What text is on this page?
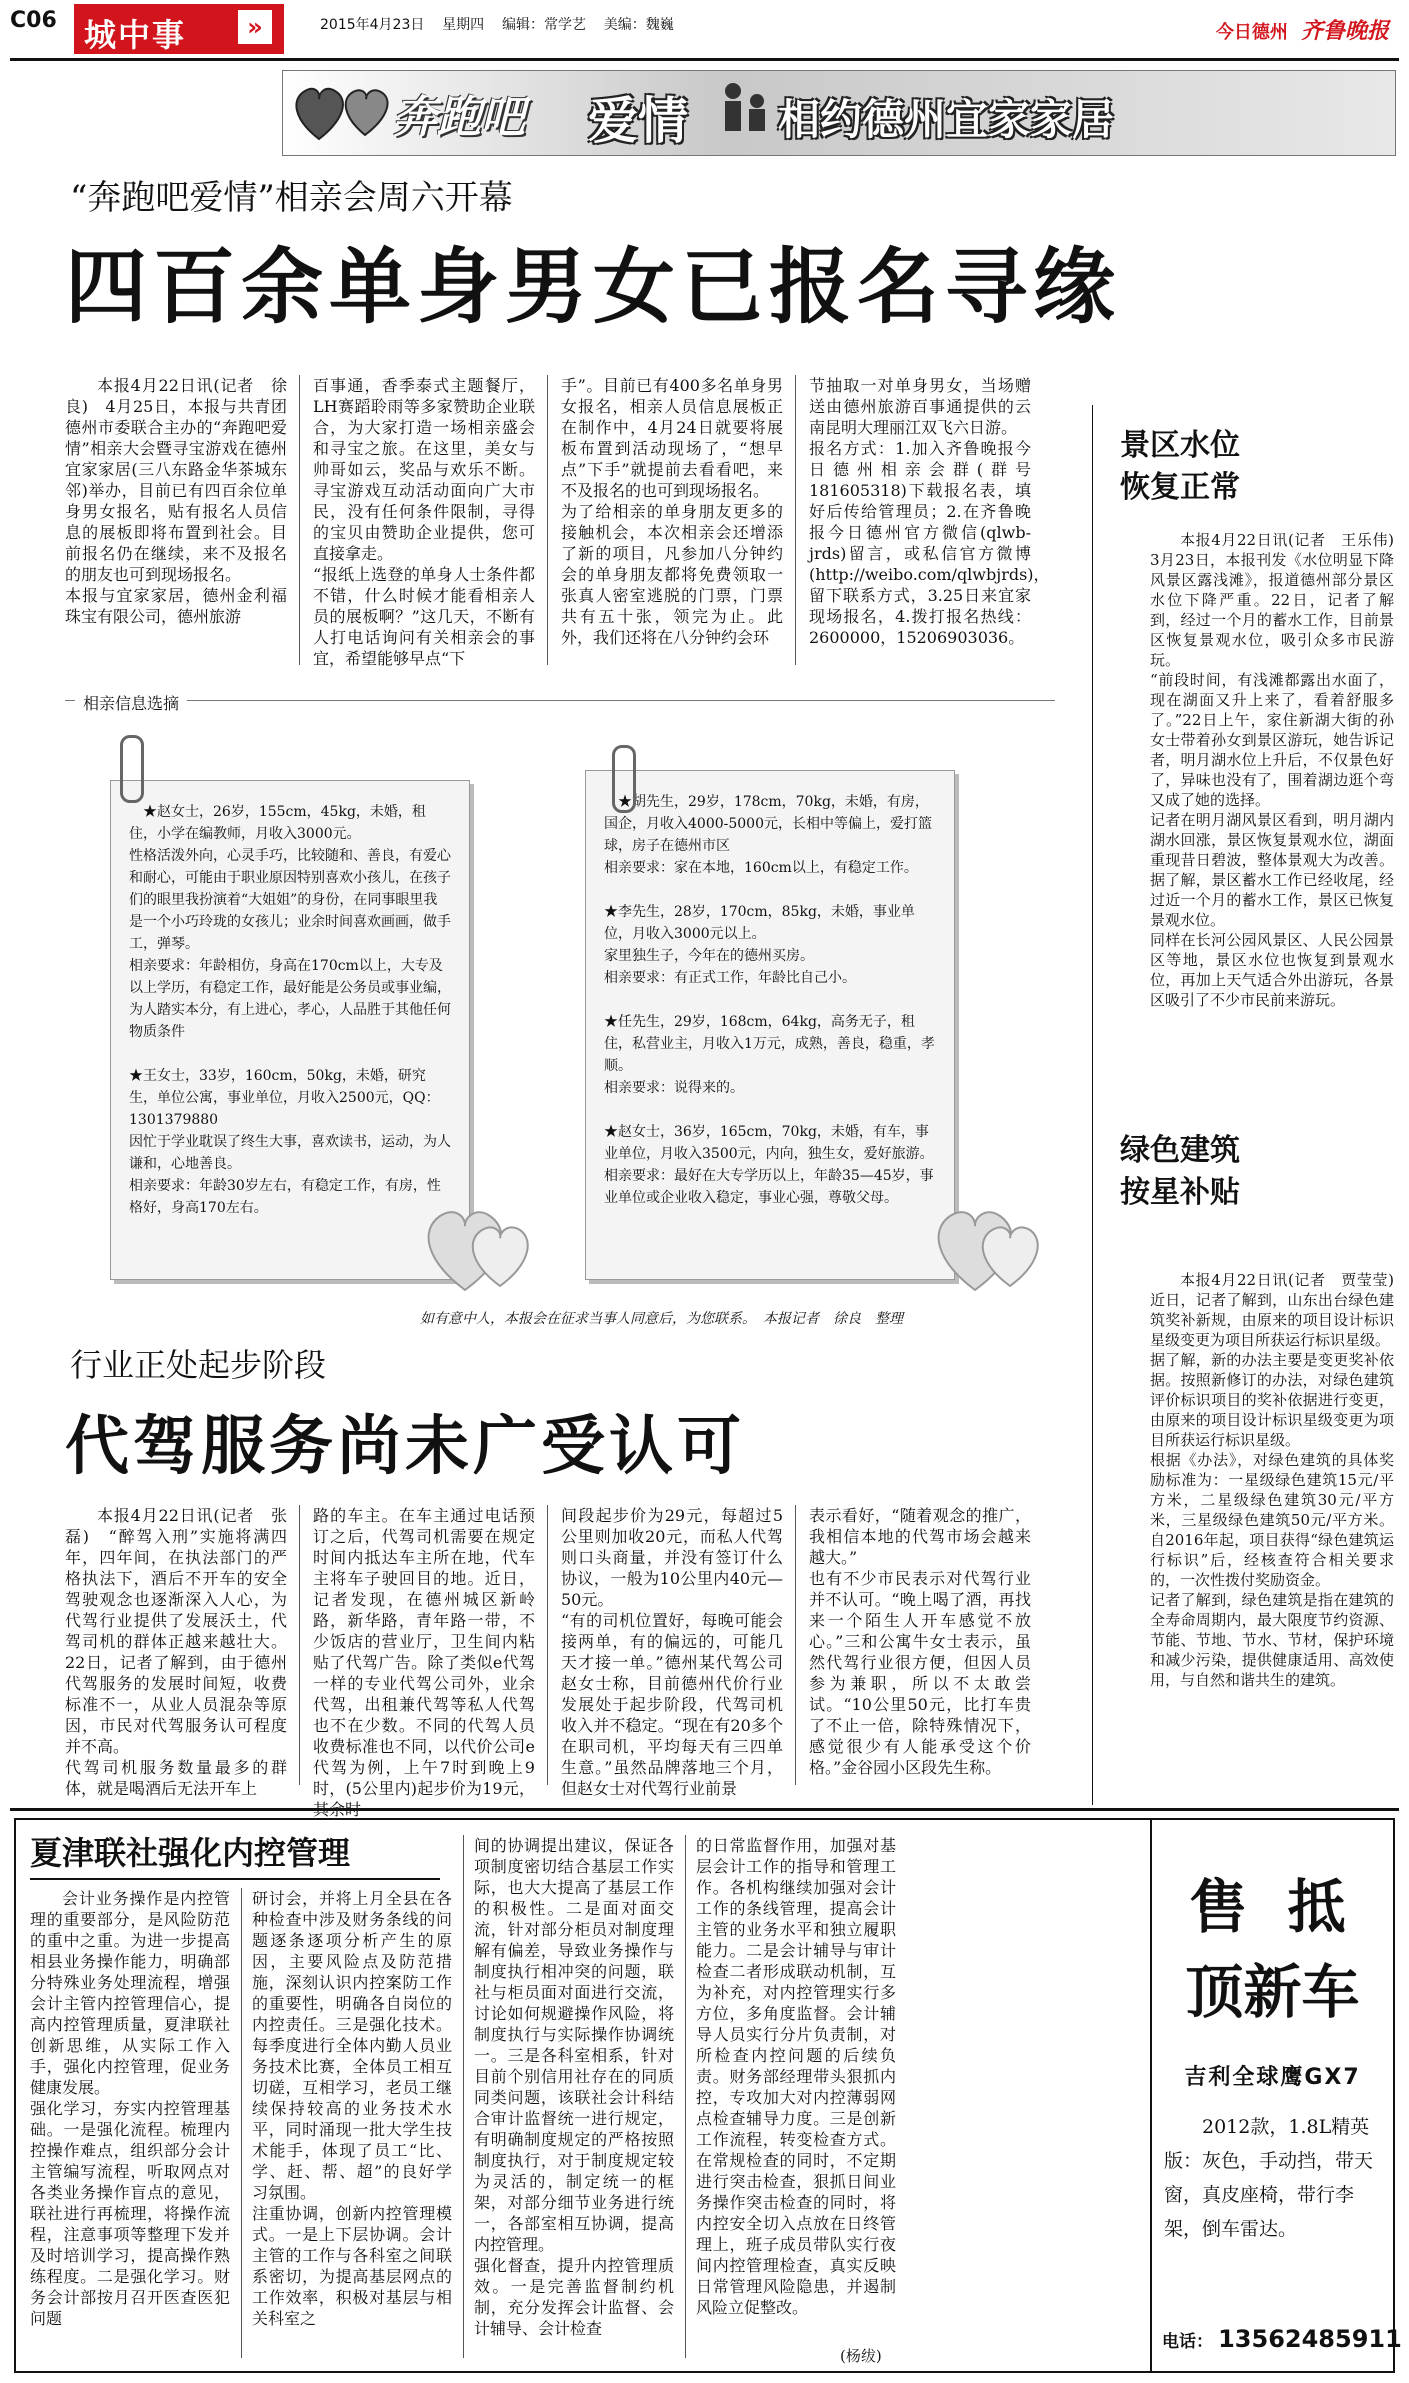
C06 城中事	»	2015年4月23日 星期四 编辑：常学艺 美编：魏巍	今日德州 齐鲁晚报
奔跑吧 爱情 相约德州宜家家居
“奔跑吧爱情”相亲会周六开幕
四百余单身男女已报名寻缘
本报4月22日讯(记者　徐良)　4月25日，本报与共青团德州市委联合主办的“奔跑吧爱情”相亲大会暨寻宝游戏在德州宜家家居(三八东路金华茶城东邻)举办，目前已有四百余位单身男女报名，贴有报名人员信息的展板即将布置到社会。目前报名仍在继续，来不及报名的朋友也可到现场报名。
本报与宜家家居，德州金利福珠宝有限公司，德州旅游
百事通，香季泰式主题餐厅，LH赛蹈聆雨等多家赞助企业联合，为大家打造一场相亲盛会和寻宝之旅。在这里，美女与帅哥如云，奖品与欢乐不断。寻宝游戏互动活动面向广大市民，没有任何条件限制，寻得的宝贝由赞助企业提供，您可直接拿走。
“报纸上选登的单身人士条件都不错，什么时候才能看相亲人员的展板啊？”这几天，不断有人打电话询问有关相亲会的事宜，希望能够早点“下
手”。目前已有400多名单身男女报名，相亲人员信息展板正在制作中，4月24日就要将展板布置到活动现场了，“想早点”下手”就提前去看看吧，来不及报名的也可到现场报名。
为了给相亲的单身朋友更多的接触机会，本次相亲会还增添了新的项目，凡参加八分钟约会的单身朋友都将免费领取一张真人密室逃脱的门票，门票共有五十张，领完为止。此外，我们还将在八分钟约会环
节抽取一对单身男女，当场赠送由德州旅游百事通提供的云南昆明大理丽江双飞六日游。
报名方式：1.加入齐鲁晚报今日德州相亲会群(群号181605318)下载报名表，填好后传给管理员；2.在齐鲁晚报今日德州官方微信(qlwb-jrds)留言，或私信官方微博(http://weibo.com/qlwbjrds)，留下联系方式，3.25日来宜家现场报名，4.拨打报名热线：2600000，15206903036。
相亲信息选摘
★赵女士，26岁，155cm，45kg，未婚，租住，小学在编教师，月收入3000元。
性格活泼外向，心灵手巧，比较随和、善良，有爱心和耐心，可能由于职业原因特别喜欢小孩儿，在孩子们的眼里我扮演着“大姐姐”的身份，在同事眼里我是一个小巧玲珑的女孩儿；业余时间喜欢画画，做手工，弹琴。
相亲要求：年龄相仿，身高在170cm以上，大专及以上学历，有稳定工作，最好能是公务员或事业编，为人踏实本分，有上进心，孝心，人品胜于其他任何物质条件

★王女士，33岁，160cm，50kg，未婚，研究生，单位公寓，事业单位，月收入2500元，QQ：1301379880
因忙于学业耽误了终生大事，喜欢读书，运动，为人谦和，心地善良。
相亲要求：年龄30岁左右，有稳定工作，有房，性格好，身高170左右。
★胡先生，29岁，178cm，70kg，未婚，有房，国企，月收入4000-5000元，长相中等偏上，爱打篮球，房子在德州市区
相亲要求：家在本地，160cm以上，有稳定工作。

★李先生，28岁，170cm，85kg，未婚，事业单位，月收入3000元以上。
家里独生子，今年在的德州买房。
相亲要求：有正式工作，年龄比自己小。

★任先生，29岁，168cm，64kg，高务无子，租住，私营业主，月收入1万元，成熟，善良，稳重，孝顺。
相亲要求：说得来的。

★赵女士，36岁，165cm，70kg，未婚，有车，事业单位，月收入3500元，内向，独生女，爱好旅游。
相亲要求：最好在大专学历以上，年龄35—45岁，事业单位或企业收入稳定，事业心强，尊敬父母。
如有意中人，本报会在征求当事人同意后，为您联系。　本报记者　徐良　整理
景区水位
恢复正常
本报4月22日讯(记者　王乐伟)　3月23日，本报刊发《水位明显下降　风景区露浅滩》，报道德州部分景区水位下降严重。22日，记者了解到，经过一个月的蓄水工作，目前景区恢复景观水位，吸引众多市民游玩。
“前段时间，有浅滩都露出水面了，现在湖面又升上来了，看着舒服多了。”22日上午，家住新湖大街的孙女士带着孙女到景区游玩，她告诉记者，明月湖水位上升后，不仅景色好了，异味也没有了，围着湖边逛个弯又成了她的选择。
记者在明月湖风景区看到，明月湖内湖水回涨，景区恢复景观水位，湖面重现昔日碧波，整体景观大为改善。据了解，景区蓄水工作已经收尾，经过近一个月的蓄水工作，景区已恢复景观水位。
同样在长河公园风景区、人民公园景区等地，景区水位也恢复到景观水位，再加上天气适合外出游玩，各景区吸引了不少市民前来游玩。
绿色建筑
按星补贴
本报4月22日讯(记者　贾莹莹)　近日，记者了解到，山东出台绿色建筑奖补新规，由原来的项目设计标识星级变更为项目所获运行标识星级。
据了解，新的办法主要是变更奖补依据。按照新修订的办法，对绿色建筑评价标识项目的奖补依据进行变更，由原来的项目设计标识星级变更为项目所获运行标识星级。
根据《办法》，对绿色建筑的具体奖励标准为：一星级绿色建筑15元/平方米，二星级绿色建筑30元/平方米，三星级绿色建筑50元/平方米。自2016年起，项目获得“绿色建筑运行标识”后，经核查符合相关要求的，一次性拨付奖励资金。
记者了解到，绿色建筑是指在建筑的全寿命周期内，最大限度节约资源、节能、节地、节水、节材，保护环境和减少污染，提供健康适用、高效使用，与自然和谐共生的建筑。
行业正处起步阶段
代驾服务尚未广受认可
本报4月22日讯(记者　张磊)　“醉驾入刑”实施将满四年，四年间，在执法部门的严格执法下，酒后不开车的安全驾驶观念也逐渐深入人心，为代驾行业提供了发展沃土，代驾司机的群体正越来越壮大。22日，记者了解到，由于德州代驾服务的发展时间短，收费标准不一，从业人员混杂等原因，市民对代驾服务认可程度并不高。
代驾司机服务数量最多的群体，就是喝酒后无法开车上
路的车主。在车主通过电话预订之后，代驾司机需要在规定时间内抵达车主所在地，代车主将车子驶回目的地。近日，记者发现，在德州城区新岭路，新华路，青年路一带，不少饭店的营业厅，卫生间内粘贴了代驾广告。除了类似e代驾一样的专业代驾公司外，业余代驾，出租兼代驾等私人代驾也不在少数。不同的代驾人员收费标准也不同，以代价公司e代驾为例，上午7时到晚上9时，(5公里内)起步价为19元，
间段起步价为29元，每超过5公里则加收20元，而私人代驾则口头商量，并没有签订什么协议，一般为10公里内40元—50元。
“有的司机位置好，每晚可能会接两单，有的偏远的，可能几天才接一单。”德州某代驾公司赵女士称，目前德州代价行业发展处于起步阶段，代驾司机收入并不稳定。“现在有20多个在职司机，平均每天有三四单生意。”虽然品牌落地三个月，但赵女士对代驾行业前景
表示看好，“随着观念的推广，我相信本地的代驾市场会越来越大。”
也有不少市民表示对代驾行业并不认可。“晚上喝了酒，再找来一个陌生人开车感觉不放心。”三和公寓牛女士表示，虽然代驾行业很方便，但因人员参为兼职，所以不太敢尝试。“10公里50元，比打车贵了不止一倍，除特殊情况下，感觉很少有人能承受这个价格。”金谷园小区段先生称。
夏津联社强化内控管理
会计业务操作是内控管理的重要部分，是风险防范的重中之重。为进一步提高相县业务操作能力，明确部分特殊业务处理流程，增强会计主管内控管理信心，提高内控管理质量，夏津联社创新思维，从实际工作入手，强化内控管理，促业务健康发展。
强化学习，夯实内控管理基础。一是强化流程。梳理内控操作难点，组织部分会计主管编写流程，听取网点对各类业务操作盲点的意见，联社进行再梳理，将操作流程，注意事项等整理下发并及时培训学习，提高操作熟练程度。二是强化学习。财务会计部按月召开医查医犯问题
研讨会，并将上月全县在各种检查中涉及财务条线的问题逐条逐项分析产生的原因，主要风险点及防范措施，深刻认识内控案防工作的重要性，明确各自岗位的内控责任。三是强化技术。每季度进行全体内勤人员业务技术比赛，全体员工相互切磋，互相学习，老员工继续保持较高的业务技术水平，同时涌现一批大学生技术能手，体现了员工“比、学、赶、帮、超”的良好学习氛围。
注重协调，创新内控管理模式。一是上下层协调。会计主管的工作与各科室之间联系密切，为提高基层网点的工作效率，积极对基层与相关科室之
间的协调提出建议，保证各项制度密切结合基层工作实际，也大大提高了基层工作的积极性。二是面对面交流，针对部分柜员对制度理解有偏差，导致业务操作与制度执行相冲突的问题，联社与柜员面对面进行交流，讨论如何规避操作风险，将制度执行与实际操作协调统一。三是各科室相系，针对目前个别信用社存在的同质同类问题，该联社会计科结合审计监督统一进行规定，有明确制度规定的严格按照制度执行，对于制度规定较为灵活的，制定统一的框架，对部分细节业务进行统一，各部室相互协调，提高内控管理。
强化督查，提升内控管理质效。一是完善监督制约机制，充分发挥会计监督、会计辅导、会计检查
的日常监督作用，加强对基层会计工作的指导和管理工作。各机构继续加强对会计工作的条线管理，提高会计主管的业务水平和独立履职能力。二是会计辅导与审计检查二者形成联动机制，互为补充，对内控管理实行多方位，多角度监督。会计辅导人员实行分片负责制，对所检查内控问题的后续负责。财务部经理带头狠抓内控，专攻加大对内控薄弱网点检查辅导力度。三是创新工作流程，转变检查方式。在常规检查的同时，不定期进行突击检查，狠抓日间业务操作突击检查的同时，将内控安全切入点放在日终管理上，班子成员带队实行夜间内控管理检查，真实反映日常管理风险隐患，并遏制风险立促整改。
(杨绂)
售 抵
顶新车
吉利全球鹰GX7
2012款，1.8L精英版：灰色，手动挡，带天窗，真皮座椅，带行李架，倒车雷达。
电话： 13562485911
